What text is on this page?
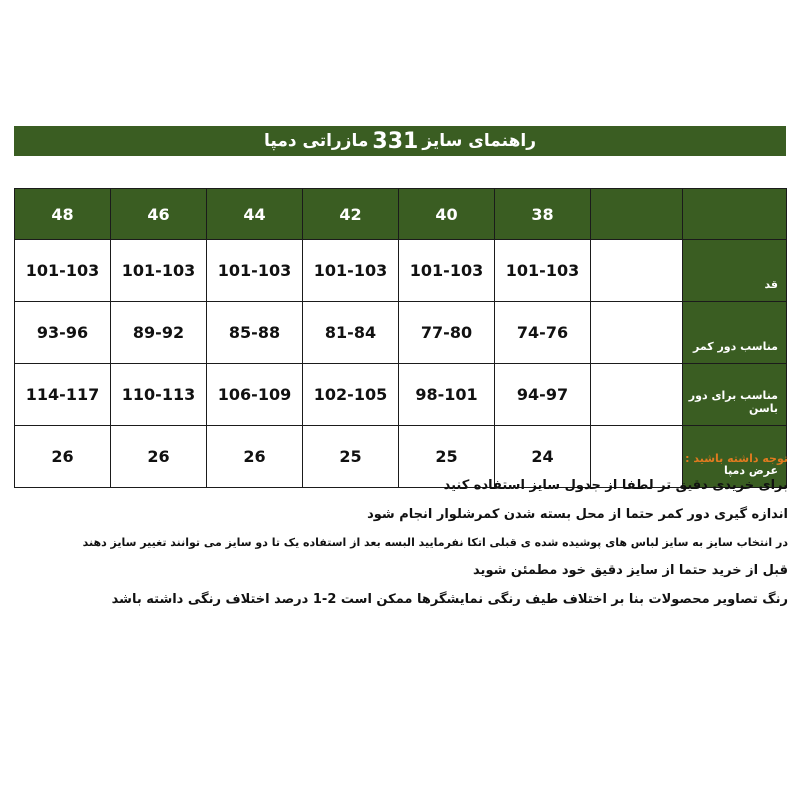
راهنمای سایز
331
مازراتی دمپا
48	46	44	42	40	38		
101-103	101-103	101-103	101-103	101-103	101-103		قد
93-96	89-92	85-88	81-84	77-80	74-76		مناسب دور کمر
114-117	110-113	106-109	102-105	98-101	94-97		مناسب برای دور باسن
26	26	26	25	25	24		عرض دمپا
توجه داشته باشید :
برای خریدی دقیق تر لطفا از جدول سایز استفاده کنید
اندازه گیری دور کمر حتما از محل بسته شدن کمرشلوار انجام شود
در انتخاب سایز به سایز لباس های پوشیده شده ی قبلی اتکا نفرمایید البسه بعد از استفاده یک تا دو سایز می توانند تغییر سایز دهند
قبل از خرید حتما از سایز دقیق خود مطمئن شوید
رنگ تصاویر محصولات بنا بر اختلاف طیف رنگی نمایشگرها ممکن است 2-1 درصد اختلاف رنگی داشته باشد
